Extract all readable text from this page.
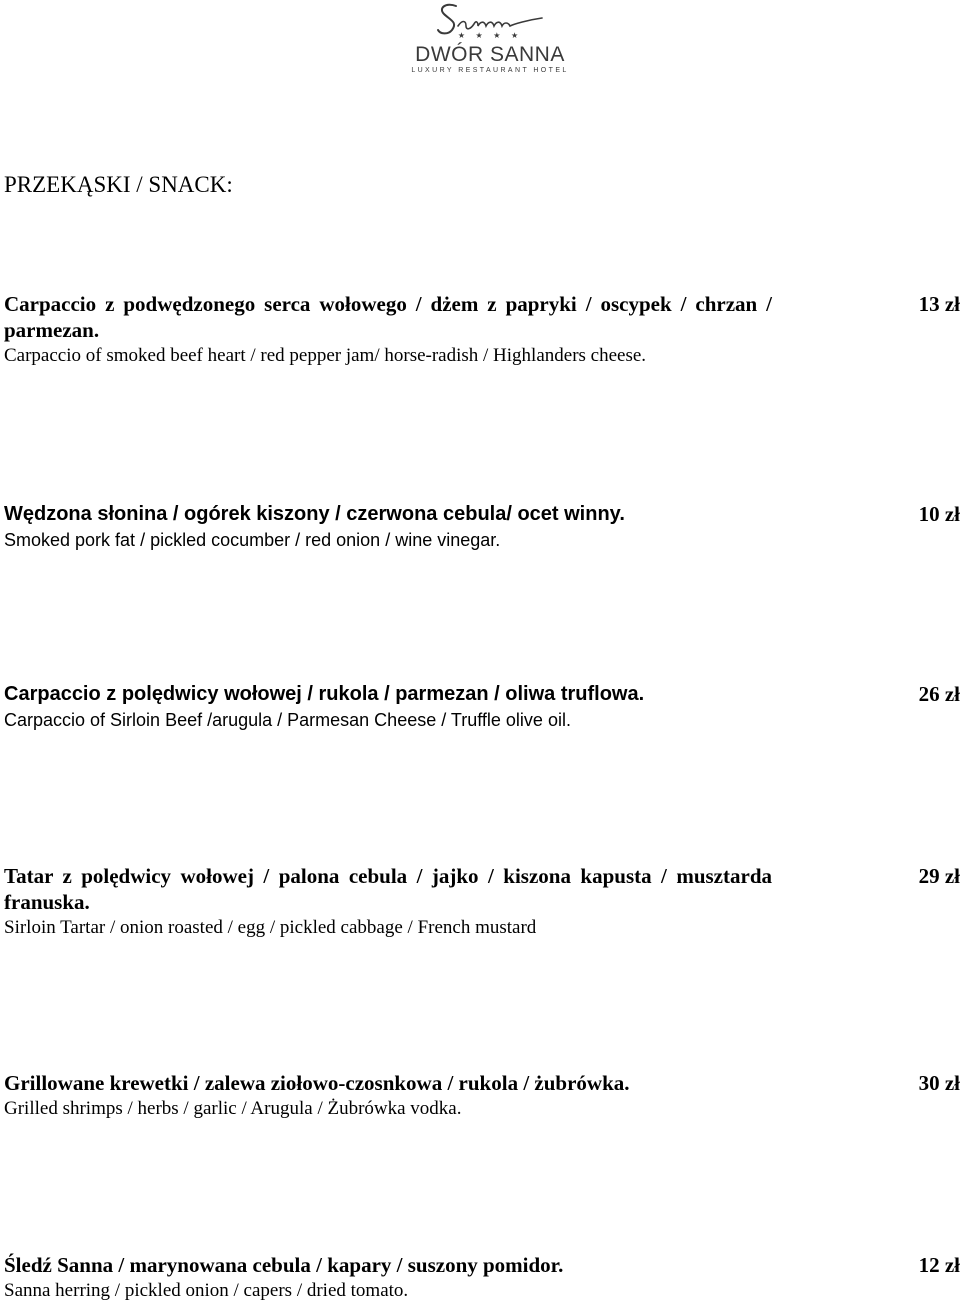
★ ★ ★ ★
DWÓR SANNA
LUXURY RESTAURANT HOTEL
PRZEKĄSKI / SNACK:
Carpaccio z podwędzonego serca wołowego / dżem z papryki / oscypek / chrzan / parmezan.
Carpaccio of smoked beef heart / red pepper jam/ horse-radish / Highlanders cheese.
13 zł
Wędzona słonina / ogórek kiszony / czerwona cebula/ ocet winny.
Smoked pork fat / pickled cocumber / red onion / wine vinegar.
10 zł
Carpaccio z polędwicy wołowej / rukola / parmezan / oliwa truflowa.
Carpaccio of Sirloin Beef /arugula / Parmesan Cheese / Truffle olive oil.
26 zł
Tatar z polędwicy wołowej / palona cebula / jajko / kiszona kapusta / musztarda franuska.
Sirloin Tartar / onion roasted / egg / pickled cabbage / French mustard
29 zł
Grillowane krewetki / zalewa ziołowo-czosnkowa / rukola / żubrówka.
Grilled shrimps / herbs / garlic / Arugula / Żubrówka vodka.
30 zł
Śledź Sanna / marynowana cebula / kapary / suszony pomidor.
Sanna herring / pickled onion / capers / dried tomato.
12 zł
